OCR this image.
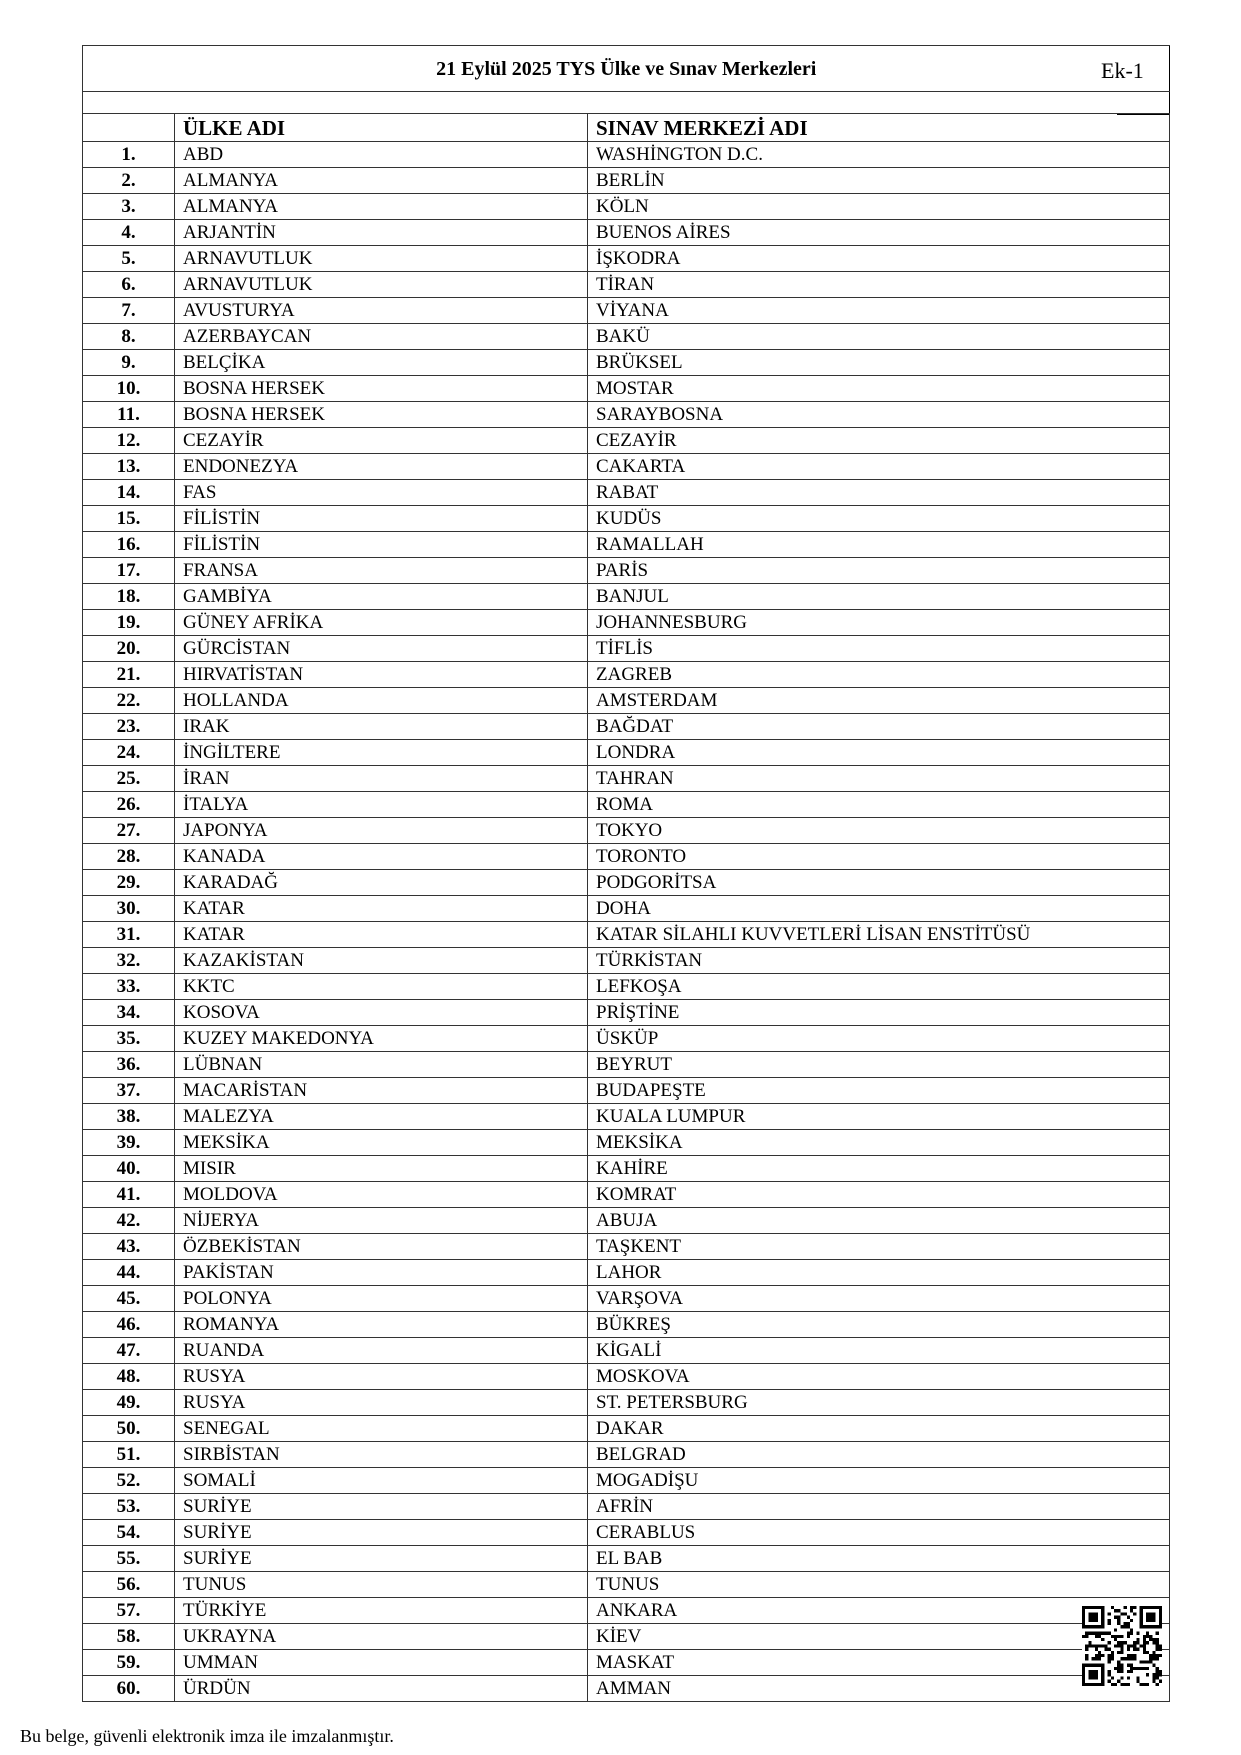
Ek-1
21 Eylül 2025 TYS Ülke ve Sınav Merkezleri		

	ÜLKE ADI	SINAV MERKEZİ ADI
1.	ABD	WASHİNGTON D.C.
2.	ALMANYA	BERLİN
3.	ALMANYA	KÖLN
4.	ARJANTİN	BUENOS AİRES
5.	ARNAVUTLUK	İŞKODRA
6.	ARNAVUTLUK	TİRAN
7.	AVUSTURYA	VİYANA
8.	AZERBAYCAN	BAKÜ
9.	BELÇİKA	BRÜKSEL
10.	BOSNA HERSEK	MOSTAR
11.	BOSNA HERSEK	SARAYBOSNA
12.	CEZAYİR	CEZAYİR
13.	ENDONEZYA	CAKARTA
14.	FAS	RABAT
15.	FİLİSTİN	KUDÜS
16.	FİLİSTİN	RAMALLAH
17.	FRANSA	PARİS
18.	GAMBİYA	BANJUL
19.	GÜNEY AFRİKA	JOHANNESBURG
20.	GÜRCİSTAN	TİFLİS
21.	HIRVATİSTAN	ZAGREB
22.	HOLLANDA	AMSTERDAM
23.	IRAK	BAĞDAT
24.	İNGİLTERE	LONDRA
25.	İRAN	TAHRAN
26.	İTALYA	ROMA
27.	JAPONYA	TOKYO
28.	KANADA	TORONTO
29.	KARADAĞ	PODGORİTSA
30.	KATAR	DOHA
31.	KATAR	KATAR SİLAHLI KUVVETLERİ LİSAN ENSTİTÜSÜ
32.	KAZAKİSTAN	TÜRKİSTAN
33.	KKTC	LEFKOŞA
34.	KOSOVA	PRİŞTİNE
35.	KUZEY MAKEDONYA	ÜSKÜP
36.	LÜBNAN	BEYRUT
37.	MACARİSTAN	BUDAPEŞTE
38.	MALEZYA	KUALA LUMPUR
39.	MEKSİKA	MEKSİKA
40.	MISIR	KAHİRE
41.	MOLDOVA	KOMRAT
42.	NİJERYA	ABUJA
43.	ÖZBEKİSTAN	TAŞKENT
44.	PAKİSTAN	LAHOR
45.	POLONYA	VARŞOVA
46.	ROMANYA	BÜKREŞ
47.	RUANDA	KİGALİ
48.	RUSYA	MOSKOVA
49.	RUSYA	ST. PETERSBURG
50.	SENEGAL	DAKAR
51.	SIRBİSTAN	BELGRAD
52.	SOMALİ	MOGADİŞU
53.	SURİYE	AFRİN
54.	SURİYE	CERABLUS
55.	SURİYE	EL BAB
56.	TUNUS	TUNUS
57.	TÜRKİYE	ANKARA
58.	UKRAYNA	KİEV
59.	UMMAN	MASKAT
60.	ÜRDÜN	AMMAN
Bu belge, güvenli elektronik imza ile imzalanmıştır.
